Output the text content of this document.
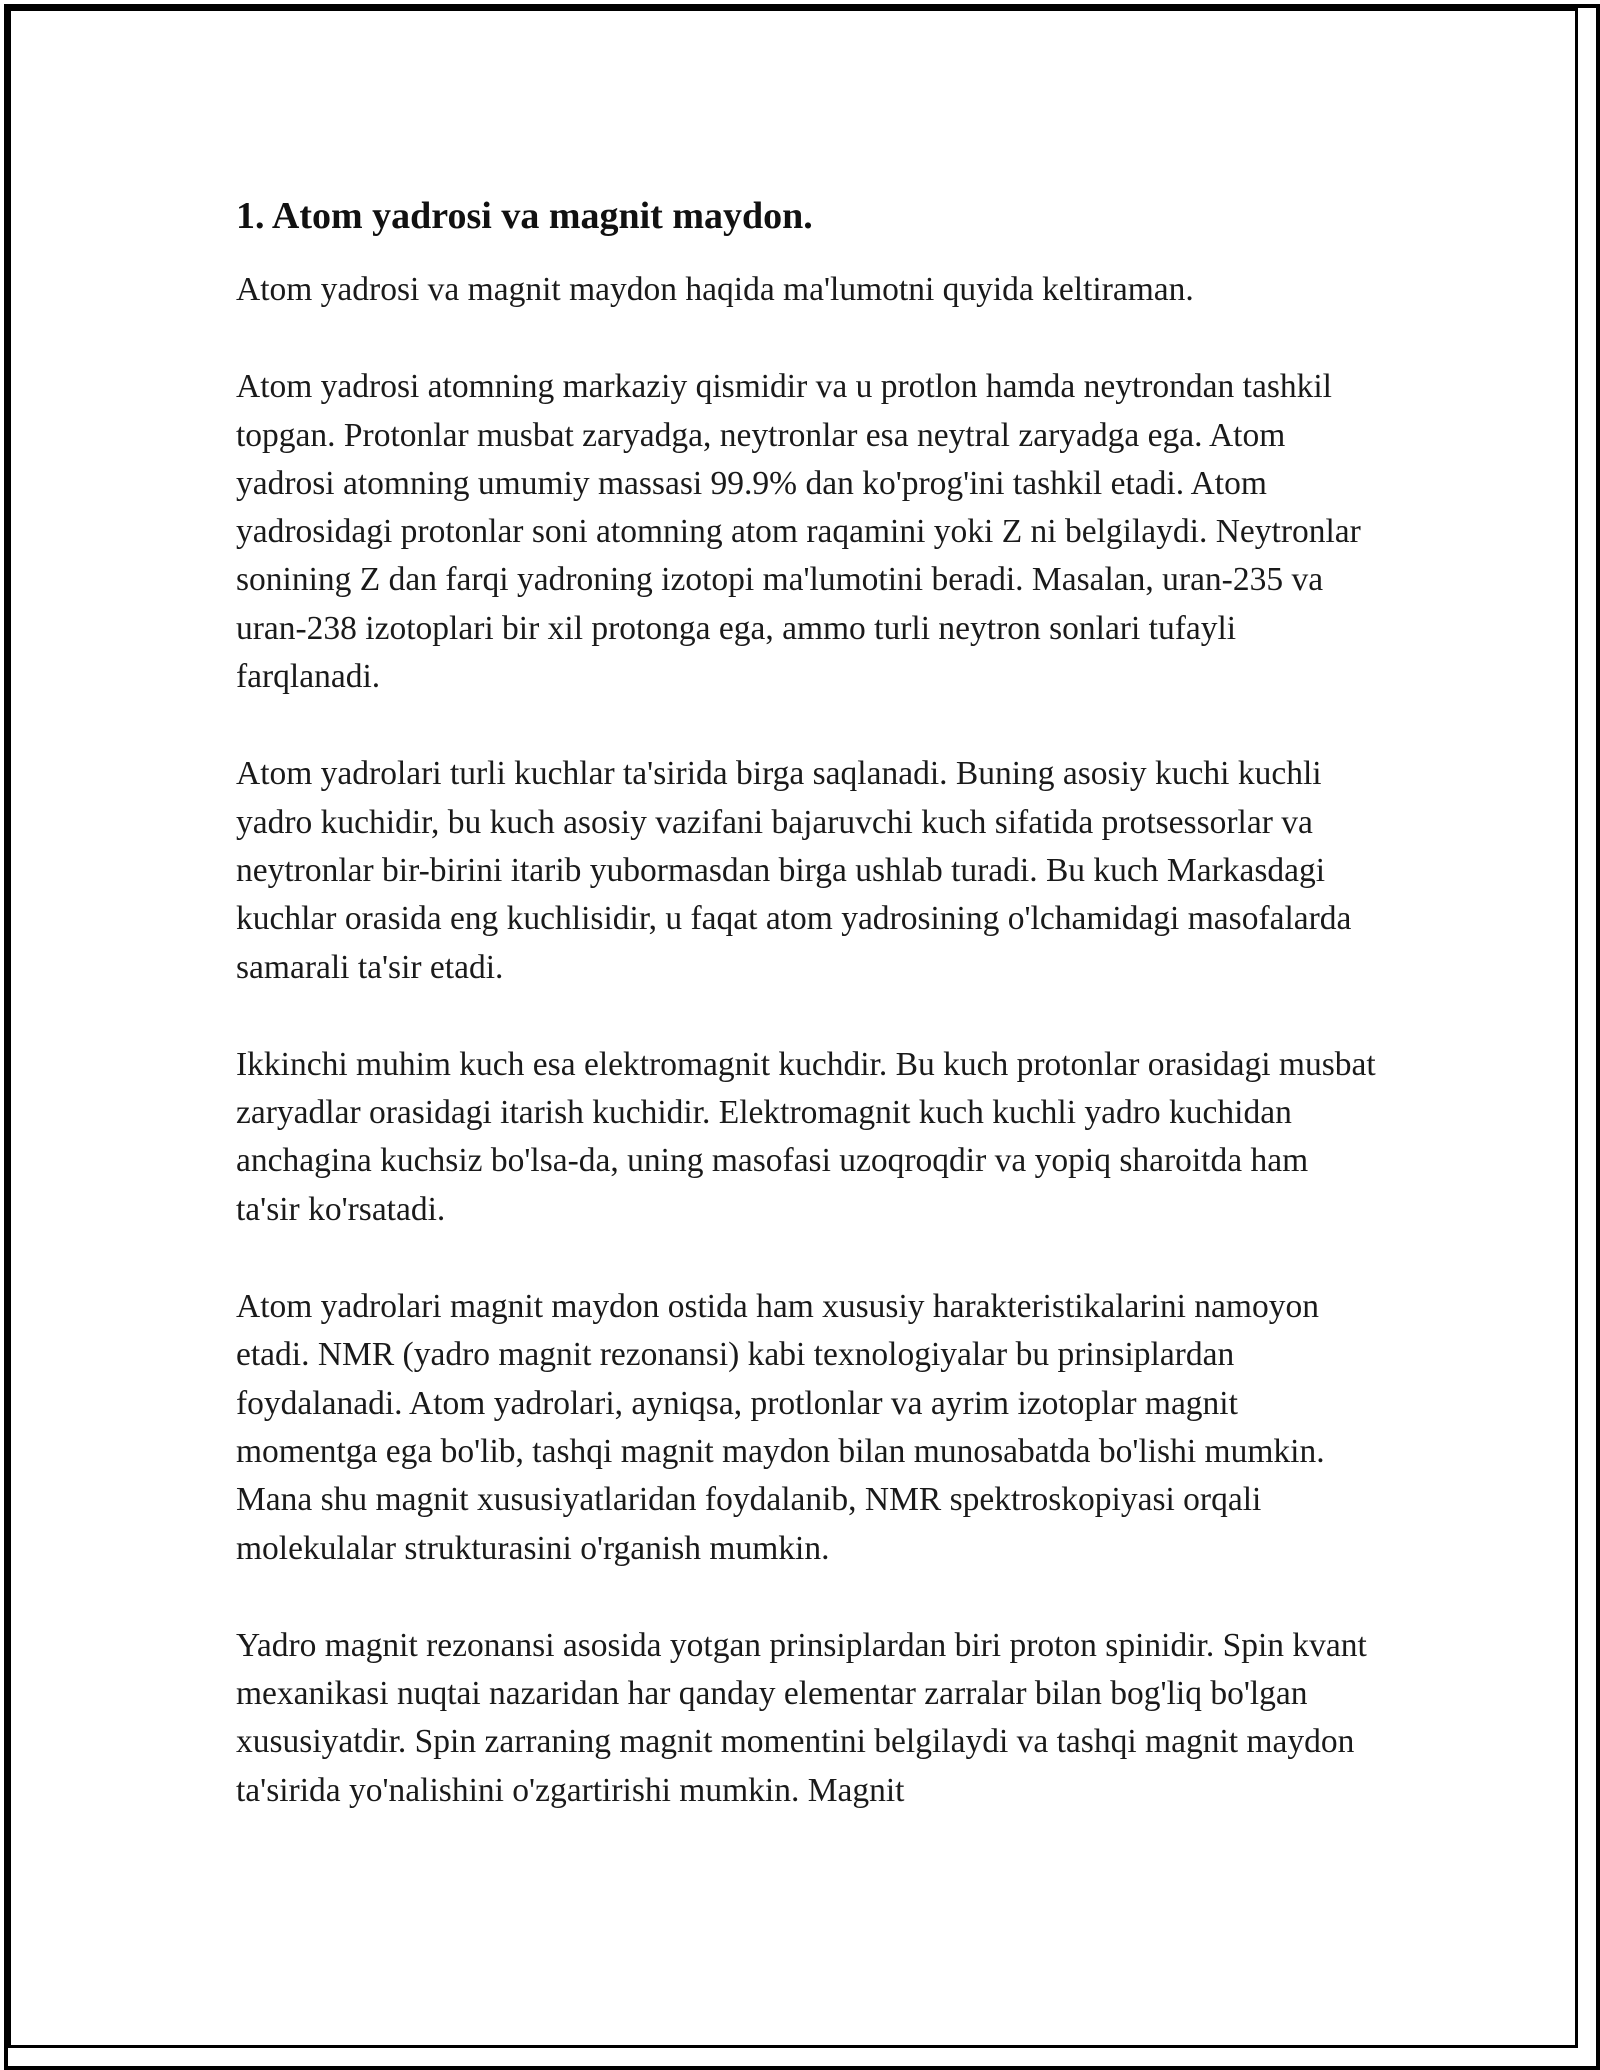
1. Atom yadrosi va magnit maydon.

Atom yadrosi va magnit maydon haqida ma'lumotni quyida keltiraman.

Atom yadrosi atomning markaziy qismidir va u protlon hamda neytrondan tashkil topgan. Protonlar musbat zaryadga, neytronlar esa neytral zaryadga ega. Atom yadrosi atomning umumiy massasi 99.9% dan ko'prog'ini tashkil etadi. Atom yadrosidagi protonlar soni atomning atom raqamini yoki Z ni belgilaydi. Neytronlar sonining Z dan farqi yadroning izotopi ma'lumotini beradi. Masalan, uran-235 va uran-238 izotoplari bir xil protonga ega, ammo turli neytron sonlari tufayli farqlanadi.

Atom yadrolari turli kuchlar ta'sirida birga saqlanadi. Buning asosiy kuchi kuchli yadro kuchidir, bu kuch asosiy vazifani bajaruvchi kuch sifatida protsessorlar va neytronlar bir-birini itarib yubormasdan birga ushlab turadi. Bu kuch Markasdagi kuchlar orasida eng kuchlisidir, u faqat atom yadrosining o'lchamidagi masofalarda samarali ta'sir etadi.

Ikkinchi muhim kuch esa elektromagnit kuchdir. Bu kuch protonlar orasidagi musbat zaryadlar orasidagi itarish kuchidir. Elektromagnit kuch kuchli yadro kuchidan anchagina kuchsiz bo'lsa-da, uning masofasi uzoqroqdir va yopiq sharoitda ham ta'sir ko'rsatadi.

Atom yadrolari magnit maydon ostida ham xususiy harakteristikalarini namoyon etadi. NMR (yadro magnit rezonansi) kabi texnologiyalar bu prinsiplardan foydalanadi. Atom yadrolari, ayniqsa, protlonlar va ayrim izotoplar magnit momentga ega bo'lib, tashqi magnit maydon bilan munosabatda bo'lishi mumkin. Mana shu magnit xususiyatlaridan foydalanib, NMR spektroskopiyasi orqali molekulalar strukturasini o'rganish mumkin.

Yadro magnit rezonansi asosida yotgan prinsiplardan biri proton spinidir. Spin kvant mexanikasi nuqtai nazaridan har qanday elementar zarralar bilan bog'liq bo'lgan xususiyatdir. Spin zarraning magnit momentini belgilaydi va tashqi magnit maydon ta'sirida yo'nalishini o'zgartirishi mumkin. Magnit
